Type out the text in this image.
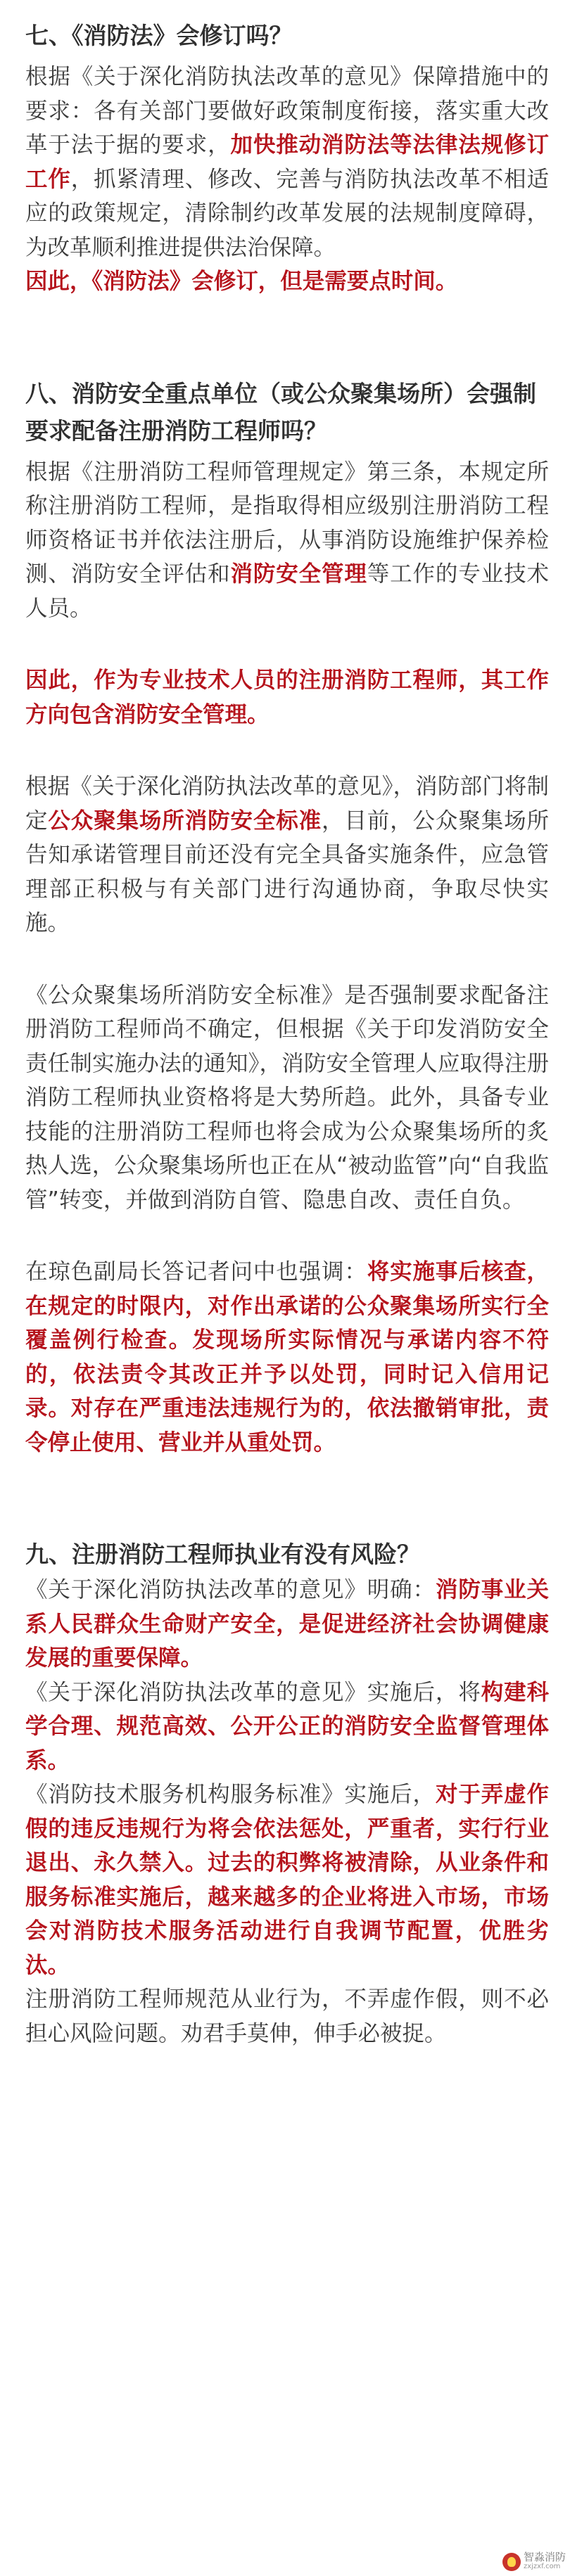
七、《消防法》会修订吗？

根据《关于深化消防执法改革的意见》保障措施中的要求：各有关部门要做好政策制度衔接，落实重大改革于法于据的要求，加快推动消防法等法律法规修订工作，抓紧清理、修改、完善与消防执法改革不相适应的政策规定，清除制约改革发展的法规制度障碍，为改革顺利推进提供法治保障。

因此，《消防法》会修订，但是需要点时间。

八、消防安全重点单位（或公众聚集场所）会强制要求配备注册消防工程师吗？

根据《注册消防工程师管理规定》第三条，本规定所称注册消防工程师，是指取得相应级别注册消防工程师资格证书并依法注册后，从事消防设施维护保养检测、消防安全评估和消防安全管理等工作的专业技术人员。

因此，作为专业技术人员的注册消防工程师，其工作方向包含消防安全管理。

根据《关于深化消防执法改革的意见》，消防部门将制定公众聚集场所消防安全标准，目前，公众聚集场所告知承诺管理目前还没有完全具备实施条件，应急管理部正积极与有关部门进行沟通协商，争取尽快实施。

《公众聚集场所消防安全标准》是否强制要求配备注册消防工程师尚不确定，但根据《关于印发消防安全责任制实施办法的通知》，消防安全管理人应取得注册消防工程师执业资格将是大势所趋。此外，具备专业技能的注册消防工程师也将会成为公众聚集场所的炙热人选，公众聚集场所也正在从“被动监管”向“自我监管”转变，并做到消防自管、隐患自改、责任自负。

在琼色副局长答记者问中也强调：将实施事后核查，在规定的时限内，对作出承诺的公众聚集场所实行全覆盖例行检查。发现场所实际情况与承诺内容不符的，依法责令其改正并予以处罚，同时记入信用记录。对存在严重违法违规行为的，依法撤销审批，责令停止使用、营业并从重处罚。

九、注册消防工程师执业有没有风险？

《关于深化消防执法改革的意见》明确：消防事业关系人民群众生命财产安全，是促进经济社会协调健康发展的重要保障。

《关于深化消防执法改革的意见》实施后，将构建科学合理、规范高效、公开公正的消防安全监督管理体系。

《消防技术服务机构服务标准》实施后，对于弄虚作假的违反违规行为将会依法惩处，严重者，实行行业退出、永久禁入。过去的积弊将被清除，从业条件和服务标准实施后，越来越多的企业将进入市场，市场会对消防技术服务活动进行自我调节配置，优胜劣汰。

注册消防工程师规范从业行为，不弄虚作假，则不必担心风险问题。劝君手莫伸，伸手必被捉。

智淼消防
zxjzxf.com
